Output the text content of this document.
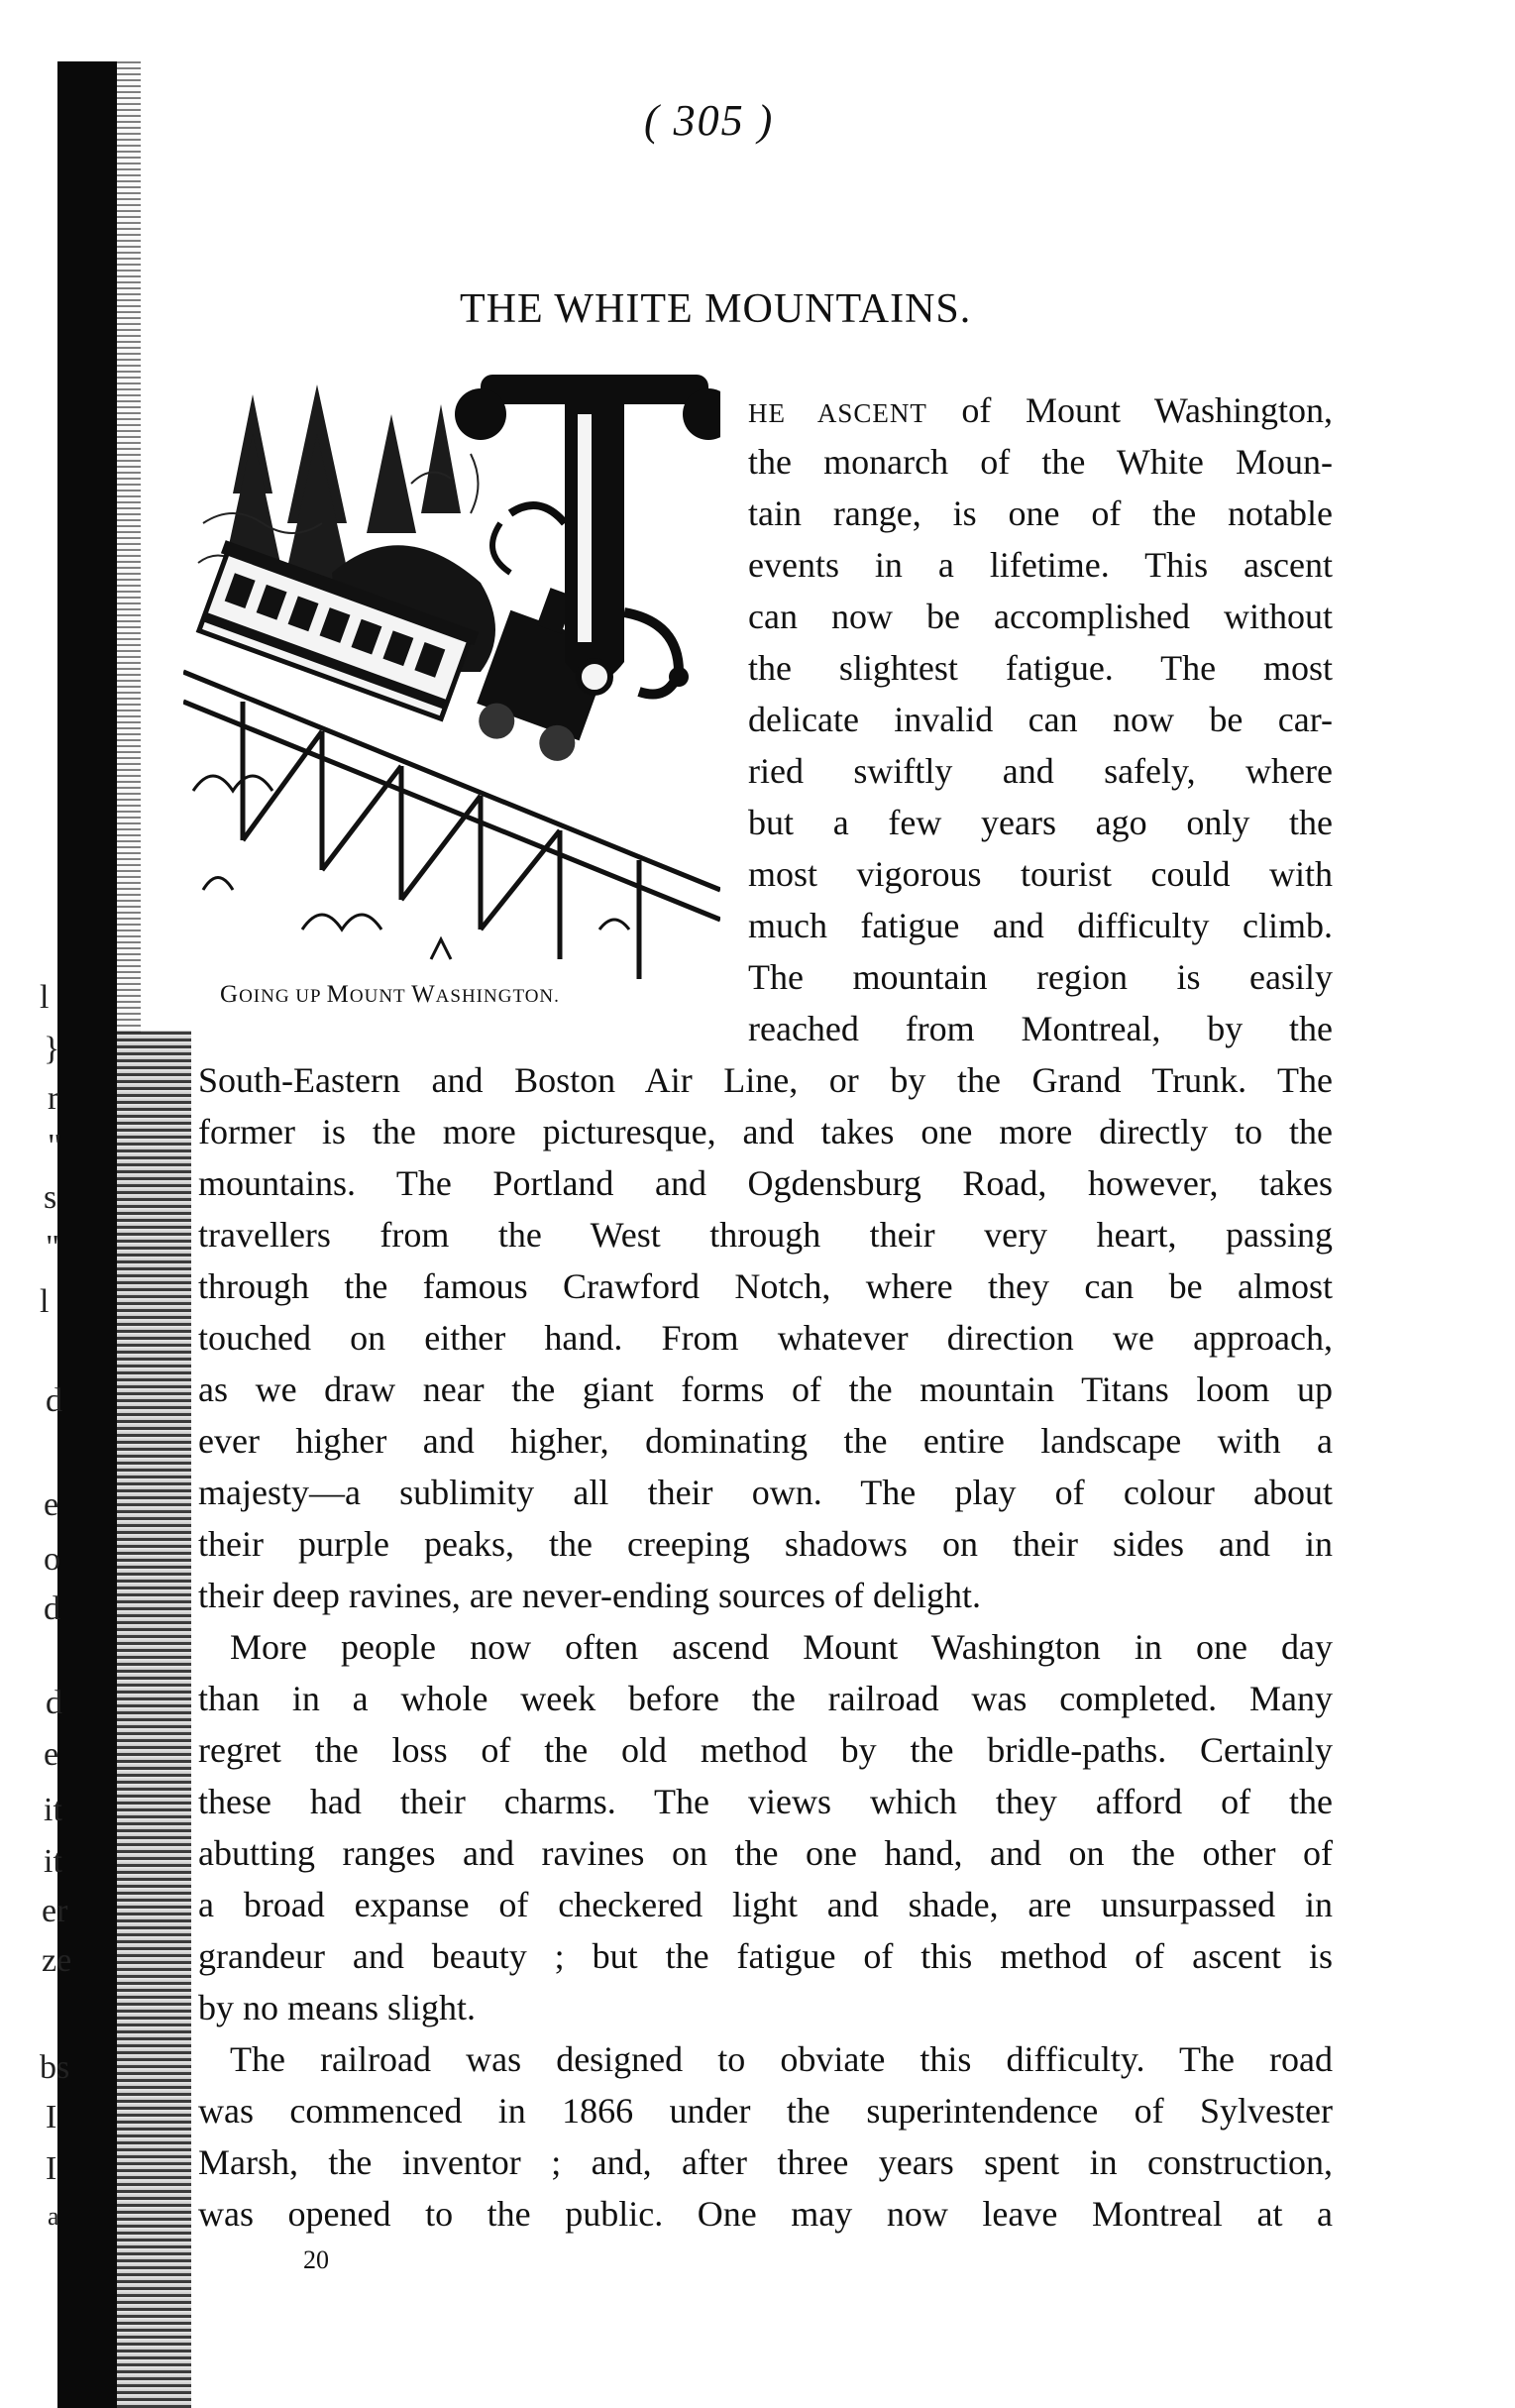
l
}
r
"
s
"
l
d
e
o
d
d
e
it
it
er
ze
bs
I
I
a
( 305 )
THE WHITE MOUNTAINS.
GOING UP MOUNT WASHINGTON.
HE ASCENT of Mount Washington,
the monarch of the White Moun-
tain range, is one of the notable
events in a lifetime. This ascent
can now be accomplished without
the slightest fatigue. The most
delicate invalid can now be car-
ried swiftly and safely, where
but a few years ago only the
most vigorous tourist could with
much fatigue and difficulty climb.
The mountain region is easily
reached from Montreal, by the
South-Eastern and Boston Air Line, or by the Grand Trunk. The
former is the more picturesque, and takes one more directly to the
mountains. The Portland and Ogdensburg Road, however, takes
travellers from the West through their very heart, passing
through the famous Crawford Notch, where they can be almost
touched on either hand. From whatever direction we approach,
as we draw near the giant forms of the mountain Titans loom up
ever higher and higher, dominating the entire landscape with a
majesty—a sublimity all their own. The play of colour about
their purple peaks, the creeping shadows on their sides and in
their deep ravines, are never-ending sources of delight.
More people now often ascend Mount Washington in one day
than in a whole week before the railroad was completed. Many
regret the loss of the old method by the bridle-paths. Certainly
these had their charms. The views which they afford of the
abutting ranges and ravines on the one hand, and on the other of
a broad expanse of checkered light and shade, are unsurpassed in
grandeur and beauty ; but the fatigue of this method of ascent is
by no means slight.
The railroad was designed to obviate this difficulty. The road
was commenced in 1866 under the superintendence of Sylvester
Marsh, the inventor ; and, after three years spent in construction,
was opened to the public. One may now leave Montreal at a
20
